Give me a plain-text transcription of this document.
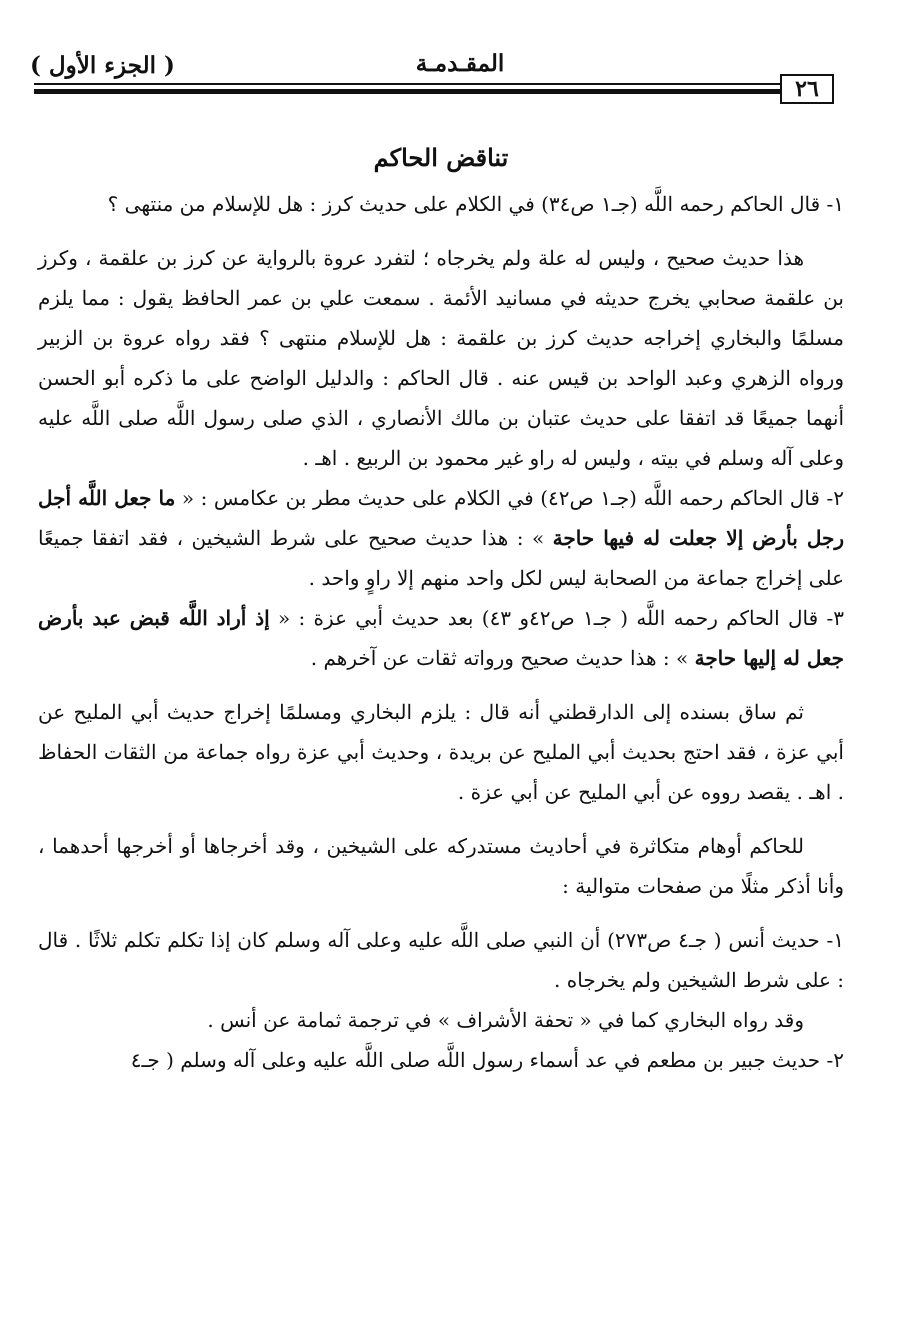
( الجزء الأول )	المقـدمـة
٢٦
تناقض الحاكم

١- قال الحاكم رحمه اللَّه (جـ١ ص٣٤) في الكلام على حديث كرز : هل للإسلام من منتهى ؟

هذا حديث صحيح ، وليس له علة ولم يخرجاه ؛ لتفرد عروة بالرواية عن كرز بن علقمة ، وكرز بن علقمة صحابي يخرج حديثه في مسانيد الأئمة . سمعت علي بن عمر الحافظ يقول : مما يلزم مسلمًا والبخاري إخراجه حديث كرز بن علقمة : هل للإسلام منتهى ؟ فقد رواه عروة بن الزبير ورواه الزهري وعبد الواحد بن قيس عنه . قال الحاكم : والدليل الواضح على ما ذكره أبو الحسن أنهما جميعًا قد اتفقا على حديث عتبان بن مالك الأنصاري ، الذي صلى رسول اللَّه صلى اللَّه عليه وعلى آله وسلم في بيته ، وليس له راو غير محمود بن الربيع . اهـ .

٢- قال الحاكم رحمه اللَّه (جـ١ ص٤٢) في الكلام على حديث مطر بن عكامس : « ما جعل اللَّه أجل رجل بأرض إلا جعلت له فيها حاجة » : هذا حديث صحيح على شرط الشيخين ، فقد اتفقا جميعًا على إخراج جماعة من الصحابة ليس لكل واحد منهم إلا راوٍ واحد .

٣- قال الحاكم رحمه اللَّه ( جـ١ ص٤٢و ٤٣) بعد حديث أبي عزة : « إذ أراد اللَّه قبض عبد بأرض جعل له إليها حاجة » : هذا حديث صحيح ورواته ثقات عن آخرهم .

ثم ساق بسنده إلى الدارقطني أنه قال : يلزم البخاري ومسلمًا إخراج حديث أبي المليح عن أبي عزة ، فقد احتج بحديث أبي المليح عن بريدة ، وحديث أبي عزة رواه جماعة من الثقات الحفاظ . اهـ . يقصد رووه عن أبي المليح عن أبي عزة .

للحاكم أوهام متكاثرة في أحاديث مستدركه على الشيخين ، وقد أخرجاها أو أخرجها أحدهما ، وأنا أذكر مثلًا من صفحات متوالية :

١- حديث أنس ( جـ٤ ص٢٧٣) أن النبي صلى اللَّه عليه وعلى آله وسلم كان إذا تكلم تكلم ثلاثًا . قال : على شرط الشيخين ولم يخرجاه .

وقد رواه البخاري كما في « تحفة الأشراف » في ترجمة ثمامة عن أنس .

٢- حديث جبير بن مطعم في عد أسماء رسول اللَّه صلى اللَّه عليه وعلى آله وسلم ( جـ٤
